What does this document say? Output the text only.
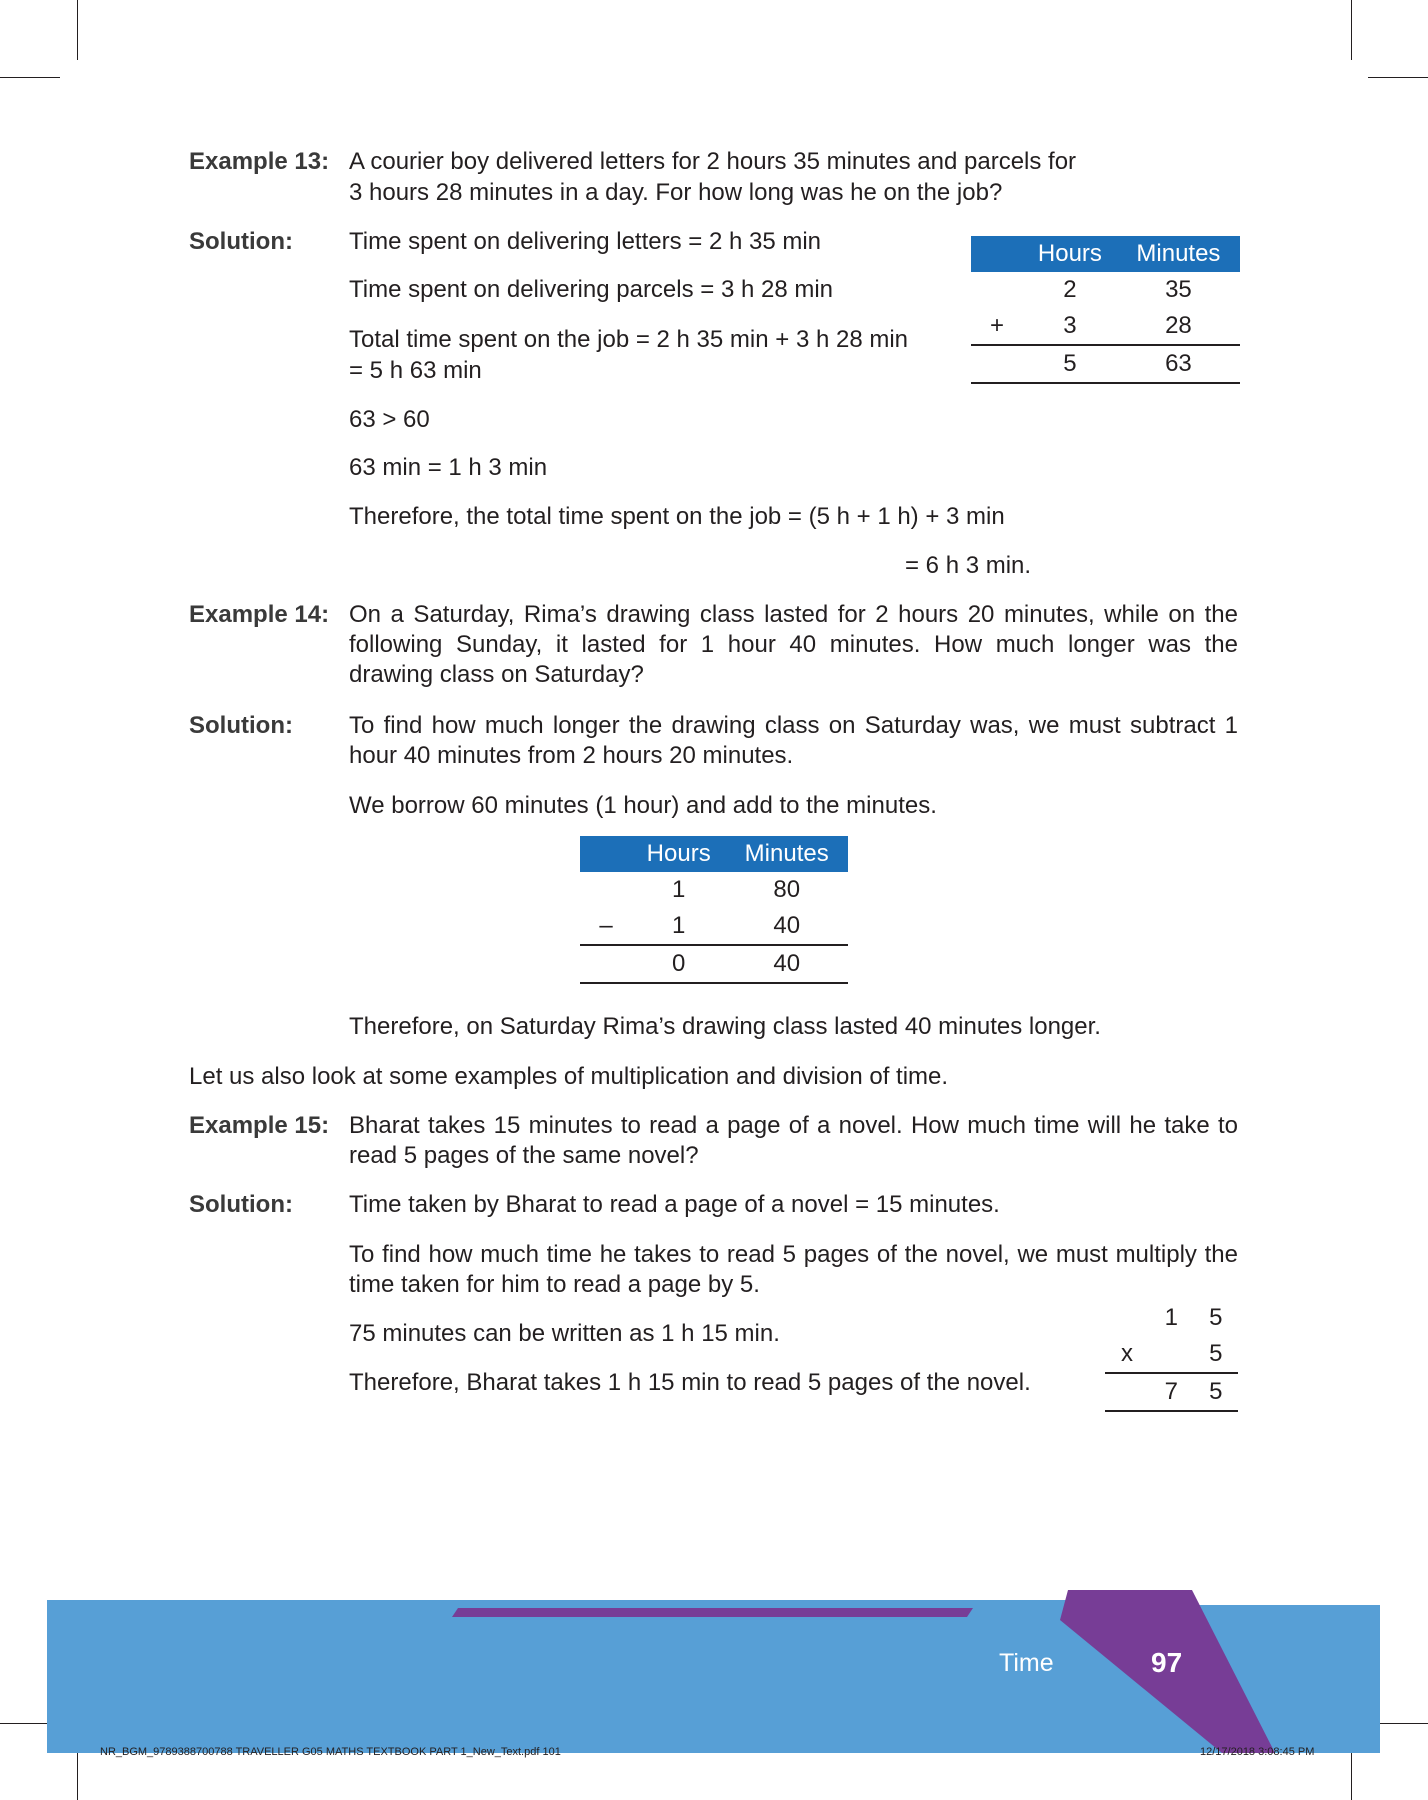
Example 13: A courier boy delivered letters for 2 hours 35 minutes and parcels for
3 hours 28 minutes in a day. For how long was he on the job?
Solution: Time spent on delivering letters = 2 h 35 min
Time spent on delivering parcels = 3 h 28 min
Total time spent on the job = 2 h 35 min + 3 h 28 min
= 5 h 63 min
63 > 60
63 min = 1 h 3 min
Therefore, the total time spent on the job = (5 h + 1 h) + 3 min
= 6 h 3 min.
	Hours	Minutes
	2	35
+	3	28
	5	63
Example 14: On a Saturday, Rima’s drawing class lasted for 2 hours 20 minutes, while on the following Sunday, it lasted for 1 hour 40 minutes. How much longer was the drawing class on Saturday?
Solution: To find how much longer the drawing class on Saturday was, we must subtract 1 hour 40 minutes from 2 hours 20 minutes.
We borrow 60 minutes (1 hour) and add to the minutes.
	Hours	Minutes
	1	80
–	1	40
	0	40
Therefore, on Saturday Rima’s drawing class lasted 40 minutes longer.
Let us also look at some examples of multiplication and division of time.
Example 15: Bharat takes 15 minutes to read a page of a novel. How much time will he take to read 5 pages of the same novel?
Solution: Time taken by Bharat to read a page of a novel = 15 minutes.
To find how much time he takes to read 5 pages of the novel, we must multiply the time taken for him to read a page by 5.
75 minutes can be written as 1 h 15 min.
Therefore, Bharat takes 1 h 15 min to read 5 pages of the novel.
	1	5
x		5
	7	5
Time	97
NR_BGM_9789388700788 TRAVELLER G05 MATHS TEXTBOOK PART 1_New_Text.pdf 101	12/17/2018 3:08:45 PM
